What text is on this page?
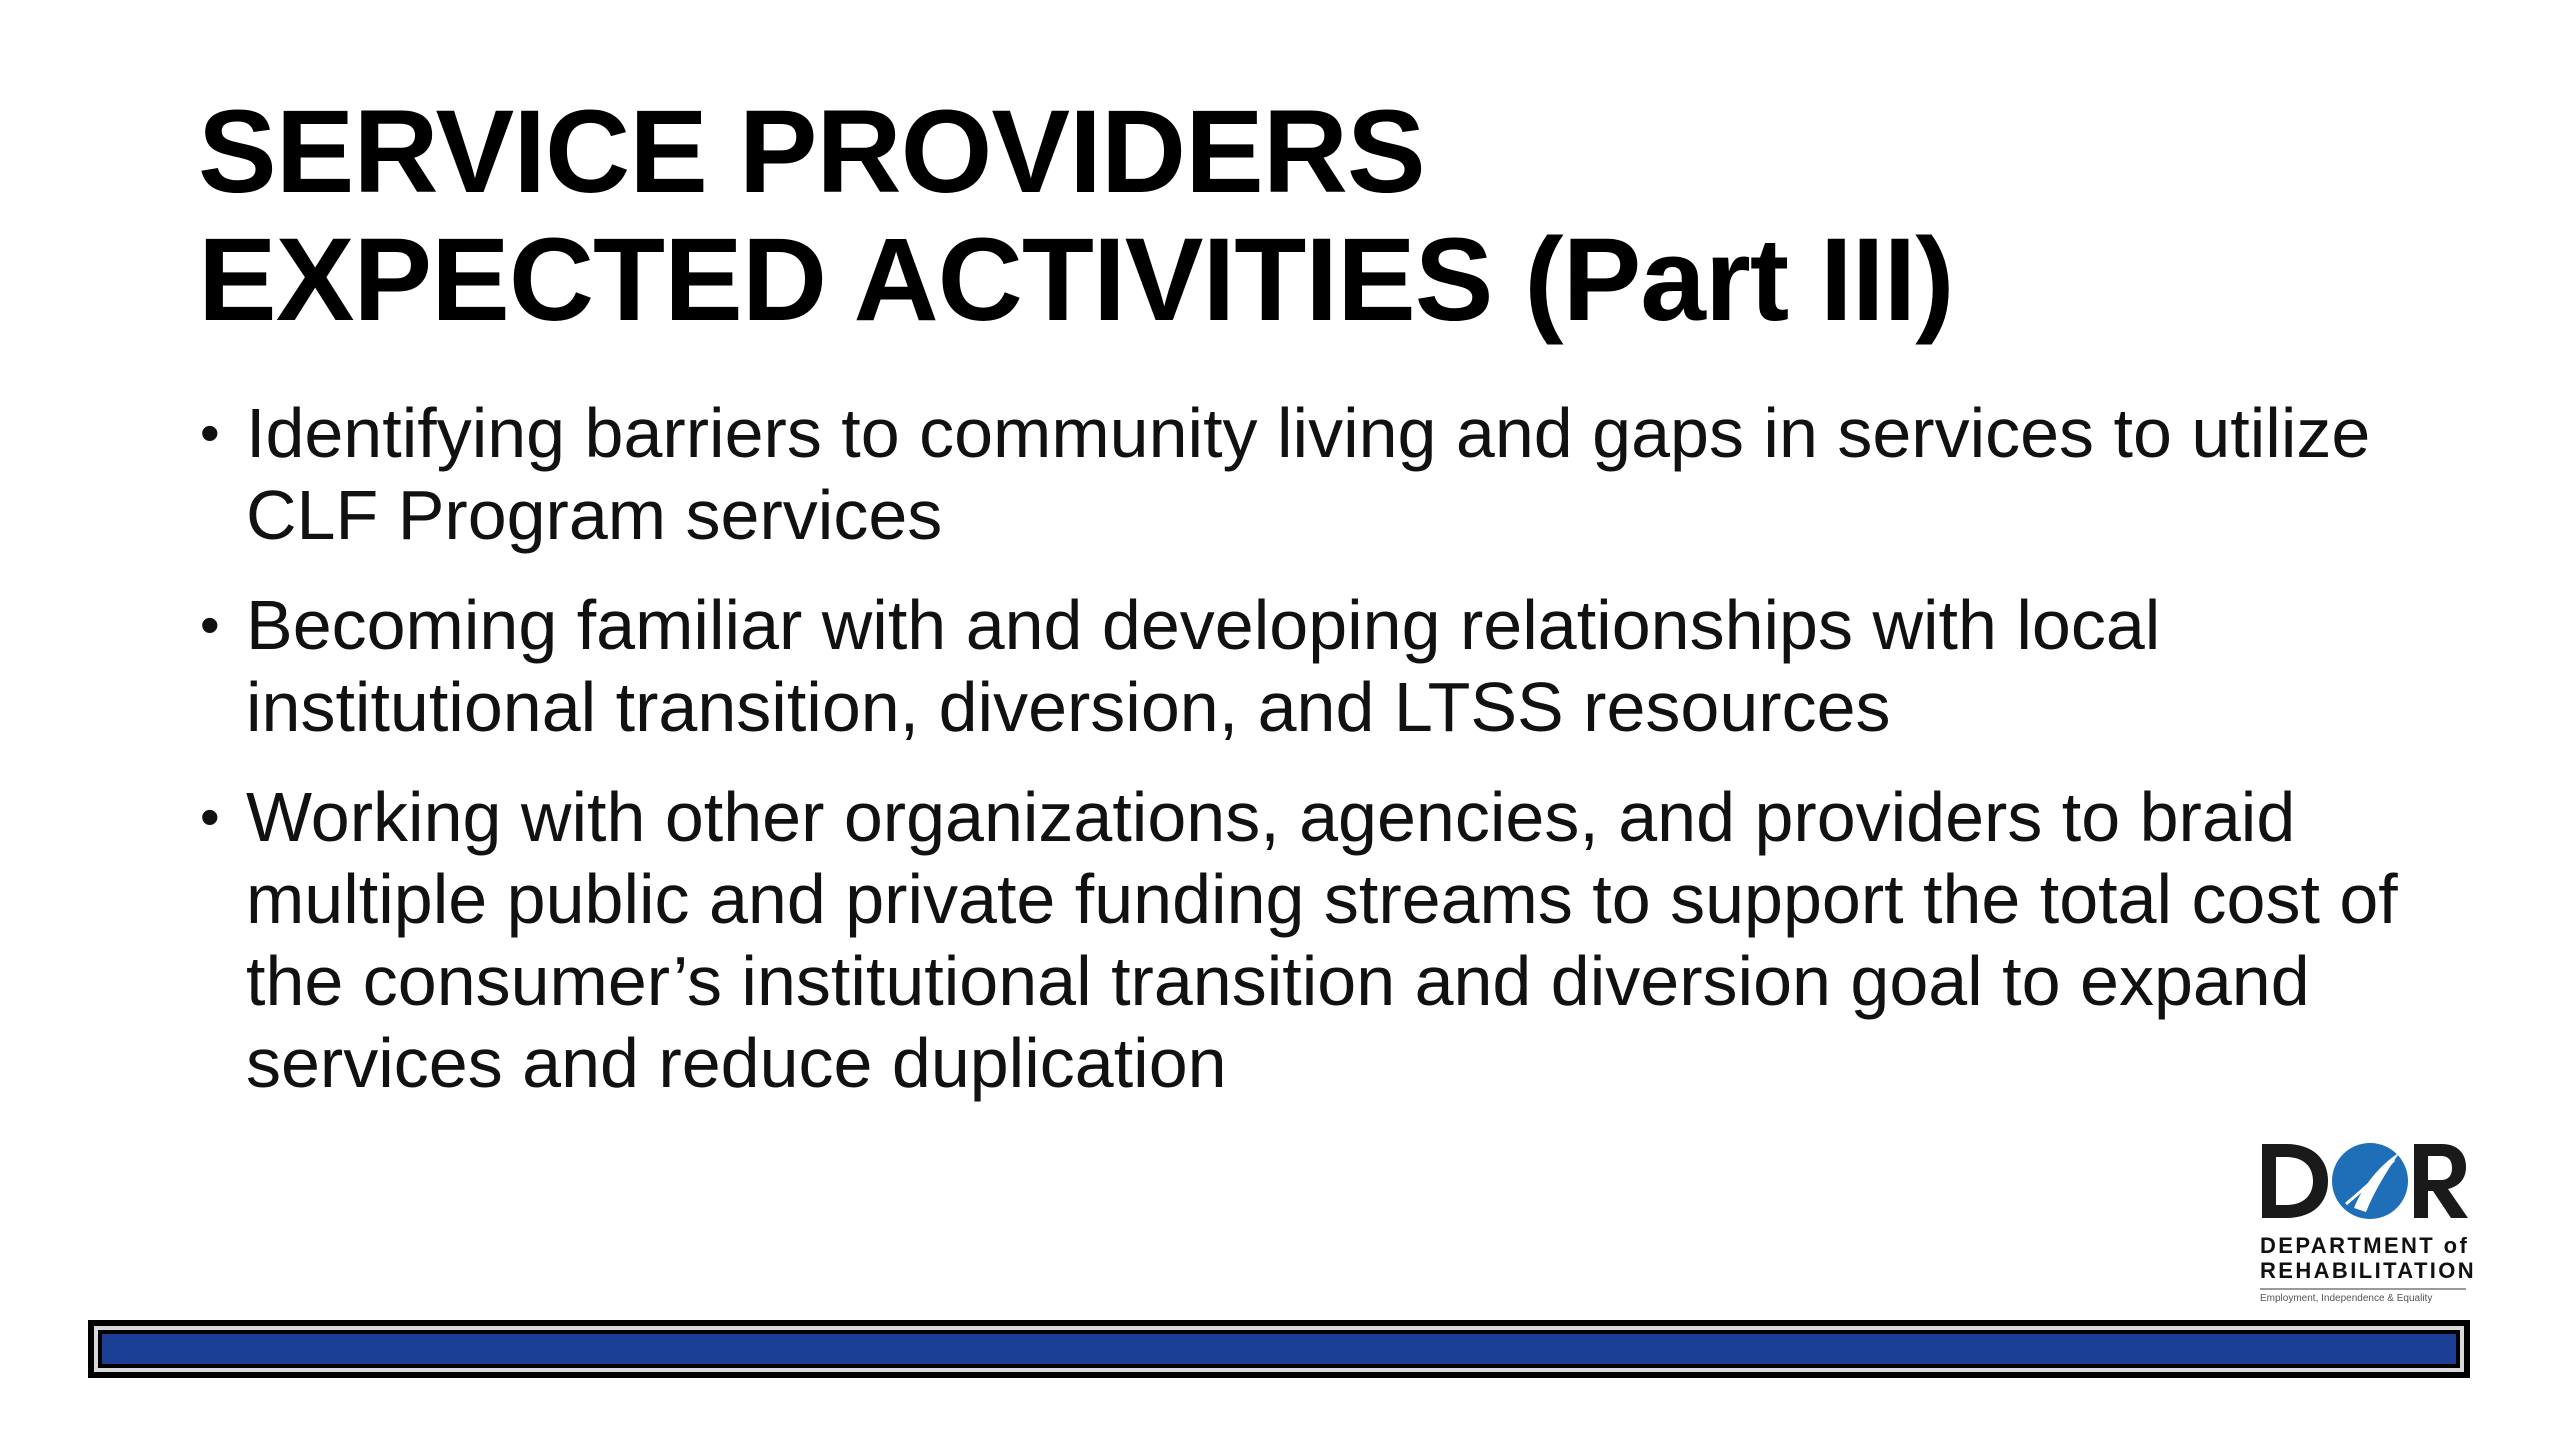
SERVICE PROVIDERS
EXPECTED ACTIVITIES (Part III)
• Identifying barriers to community living and gaps in services to utilize CLF Program services
• Becoming familiar with and developing relationships with local institutional transition, diversion, and LTSS resources
• Working with other organizations, agencies, and providers to braid multiple public and private funding streams to support the total cost of the consumer’s institutional transition and diversion goal to expand services and reduce duplication
DEPARTMENT of
REHABILITATION
Employment, Independence & Equality
